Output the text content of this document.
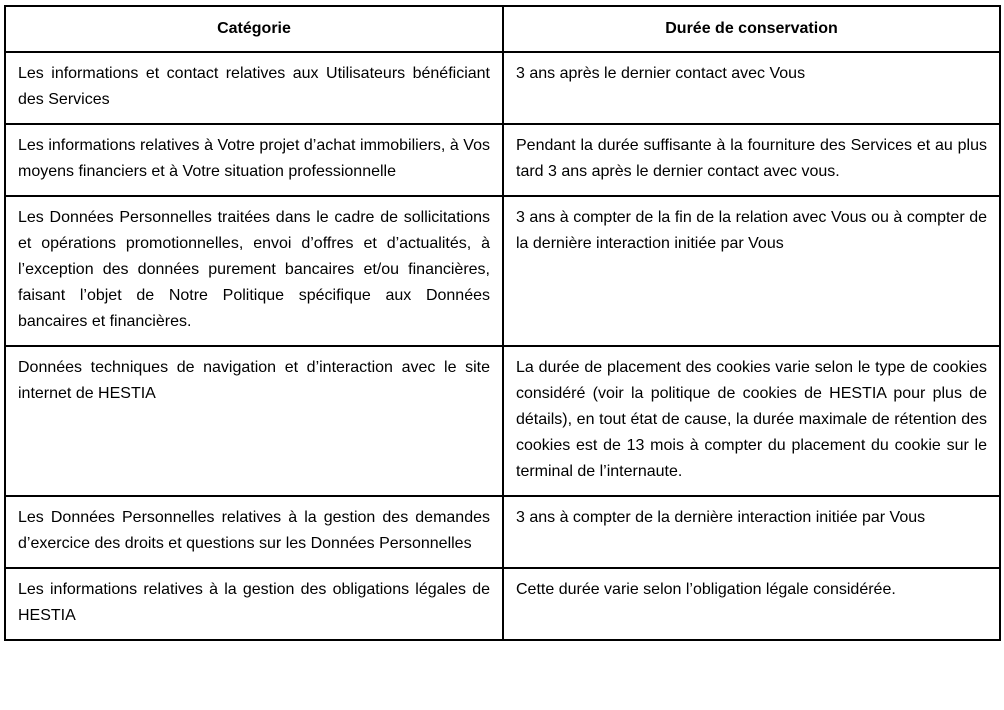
Catégorie	Durée de conservation
Les informations et contact relatives aux Utilisateurs bénéficiant des Services	3 ans après le dernier contact avec Vous
Les informations relatives à Votre projet d’achat immobiliers, à Vos moyens financiers et à Votre situation professionnelle	Pendant la durée suffisante à la fourniture des Services et au plus tard 3 ans après le dernier contact avec vous.
Les Données Personnelles traitées dans le cadre de sollicitations et opérations promotionnelles, envoi d’offres et d’actualités, à l’exception des données purement bancaires et/ou financières, faisant l’objet de Notre Politique spécifique aux Données bancaires et financières.	3 ans à compter de la fin de la relation avec Vous ou à compter de la dernière interaction initiée par Vous
Données techniques de navigation et d’interaction avec le site internet de HESTIA	La durée de placement des cookies varie selon le type de cookies considéré (voir la politique de cookies de HESTIA pour plus de détails), en tout état de cause, la durée maximale de rétention des cookies est de 13 mois à compter du placement du cookie sur le terminal de l’internaute.
Les Données Personnelles relatives à la gestion des demandes d’exercice des droits et questions sur les Données Personnelles	3 ans à compter de la dernière interaction initiée par Vous
Les informations relatives à la gestion des obligations légales de HESTIA	Cette durée varie selon l’obligation légale considérée.
